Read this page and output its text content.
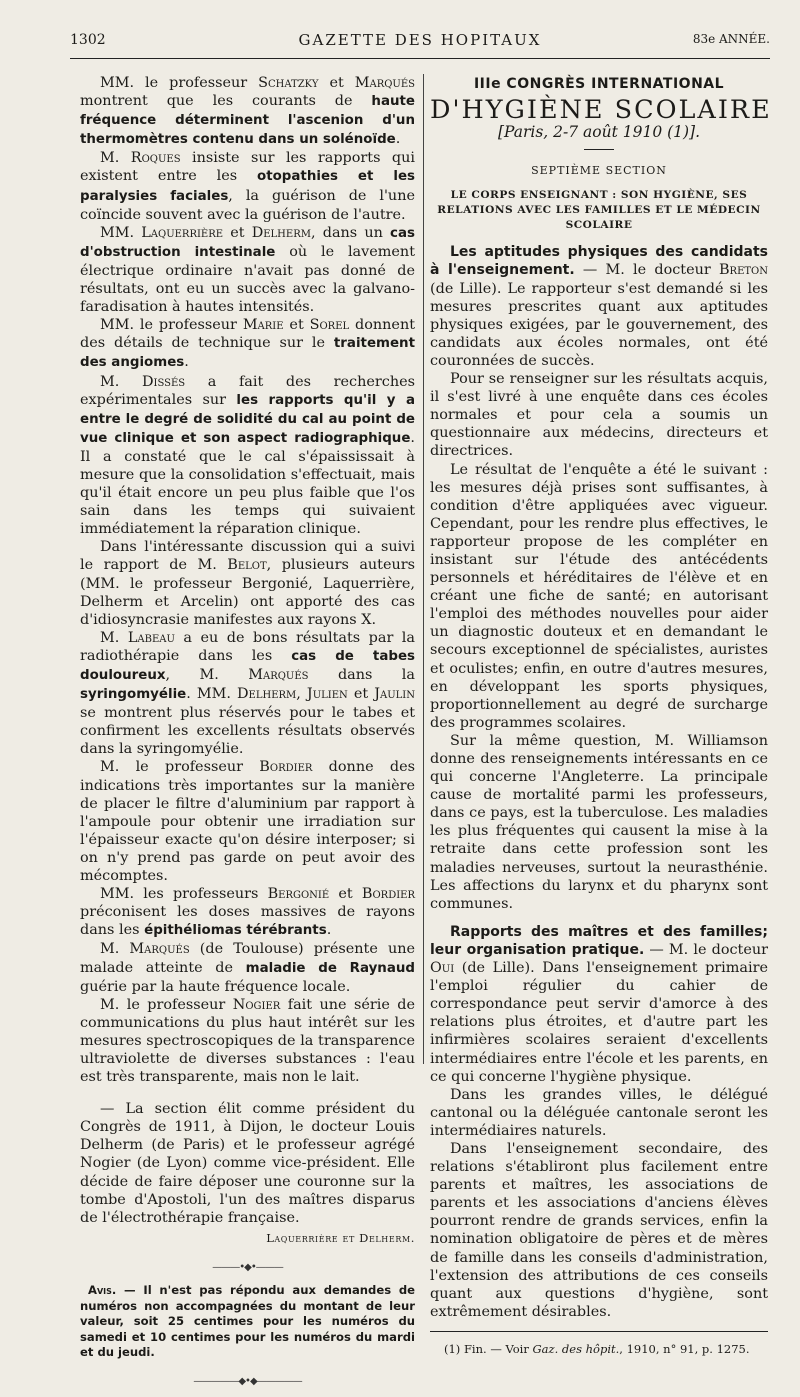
1302	GAZETTE DES HOPITAUX	83e ANNÉE.

MM. le professeur Schatzky et Marqués montrent que les courants de haute fréquence déterminent l'ascenion d'un thermomètres contenu dans un solénoïde.

M. Roques insiste sur les rapports qui existent entre les otopathies et les paralysies faciales, la guérison de l'une coïncide souvent avec la guérison de l'autre.

MM. Laquerrière et Delherm, dans un cas d'obstruction intestinale où le lavement électrique ordinaire n'avait pas donné de résultats, ont eu un succès avec la galvano-faradisation à hautes intensités.

MM. le professeur Marie et Sorel donnent des détails de technique sur le traitement des angiomes.

M. Dissés a fait des recherches expérimentales sur les rapports qu'il y a entre le degré de solidité du cal au point de vue clinique et son aspect radiographique. Il a constaté que le cal s'épaississait à mesure que la consolidation s'effectuait, mais qu'il était encore un peu plus faible que l'os sain dans les temps qui suivaient immédiatement la réparation clinique.

Dans l'intéressante discussion qui a suivi le rapport de M. Belot, plusieurs auteurs (MM. le professeur Bergonié, Laquerrière, Delherm et Arcelin) ont apporté des cas d'idiosyncrasie manifestes aux rayons X.

M. Labeau a eu de bons résultats par la radiothérapie dans les cas de tabes douloureux, M. Marqués dans la syringomyélie. MM. Delherm, Julien et Jaulin se montrent plus réservés pour le tabes et confirment les excellents résultats observés dans la syringomyélie.

M. le professeur Bordier donne des indications très importantes sur la manière de placer le filtre d'aluminium par rapport à l'ampoule pour obtenir une irradiation sur l'épaisseur exacte qu'on désire interposer; si on n'y prend pas garde on peut avoir des mécomptes.

MM. les professeurs Bergonié et Bordier préconisent les doses massives de rayons dans les épithéliomas térébrants.

M. Marqués (de Toulouse) présente une malade atteinte de maladie de Raynaud guérie par la haute fréquence locale.

M. le professeur Nogier fait une série de communications du plus haut intérêt sur les mesures spectroscopiques de la transparence ultraviolette de diverses substances : l'eau est très transparente, mais non le lait.

— La section élit comme président du Congrès de 1911, à Dijon, le docteur Louis Delherm (de Paris) et le professeur agrégé Nogier (de Lyon) comme vice-président. Elle décide de faire déposer une couronne sur la tombe d'Apostoli, l'un des maîtres disparus de l'électrothérapie française.

Laquerrière et Delherm.
———•◆•———

Avis. — Il n'est pas répondu aux demandes de numéros non accompagnées du montant de leur valeur, soit 25 centimes pour les numéros du samedi et 10 centimes pour les numéros du mardi et du jeudi.

—————◆•◆—————
IIIe CONGRÈS INTERNATIONAL
D'HYGIÈNE SCOLAIRE
[Paris, 2-7 août 1910 (1)].
SEPTIÈME SECTION
LE CORPS ENSEIGNANT : SON HYGIÈNE, SES RELATIONS AVEC LES FAMILLES ET LE MÉDECIN SCOLAIRE

Les aptitudes physiques des candidats à l'enseignement. — M. le docteur Breton (de Lille). Le rapporteur s'est demandé si les mesures prescrites quant aux aptitudes physiques exigées, par le gouvernement, des candidats aux écoles normales, ont été couronnées de succès.

Pour se renseigner sur les résultats acquis, il s'est livré à une enquête dans ces écoles normales et pour cela a soumis un questionnaire aux médecins, directeurs et directrices.

Le résultat de l'enquête a été le suivant : les mesures déjà prises sont suffisantes, à condition d'être appliquées avec vigueur. Cependant, pour les rendre plus effectives, le rapporteur propose de les compléter en insistant sur l'étude des antécédents personnels et héréditaires de l'élève et en créant une fiche de santé; en autorisant l'emploi des méthodes nouvelles pour aider un diagnostic douteux et en demandant le secours exceptionnel de spécialistes, auristes et oculistes; enfin, en outre d'autres mesures, en développant les sports physiques, proportionnellement au degré de surcharge des programmes scolaires.

Sur la même question, M. Williamson donne des renseignements intéressants en ce qui concerne l'Angleterre. La principale cause de mortalité parmi les professeurs, dans ce pays, est la tuberculose. Les maladies les plus fréquentes qui causent la mise à la retraite dans cette profession sont les maladies nerveuses, surtout la neurasthénie. Les affections du larynx et du pharynx sont communes.

Rapports des maîtres et des familles; leur organisation pratique. — M. le docteur Oui (de Lille). Dans l'enseignement primaire l'emploi régulier du cahier de correspondance peut servir d'amorce à des relations plus étroites, et d'autre part les infirmières scolaires seraient d'excellents intermédiaires entre l'école et les parents, en ce qui concerne l'hygiène physique.

Dans les grandes villes, le délégué cantonal ou la déléguée cantonale seront les intermédiaires naturels.

Dans l'enseignement secondaire, des relations s'établiront plus facilement entre parents et maîtres, les associations de parents et les associations d'anciens élèves pourront rendre de grands services, enfin la nomination obligatoire de pères et de mères de famille dans les conseils d'administration, l'extension des attributions de ces conseils quant aux questions d'hygiène, sont extrêmement désirables.

(1) Fin. — Voir Gaz. des hôpit., 1910, n° 91, p. 1275.
